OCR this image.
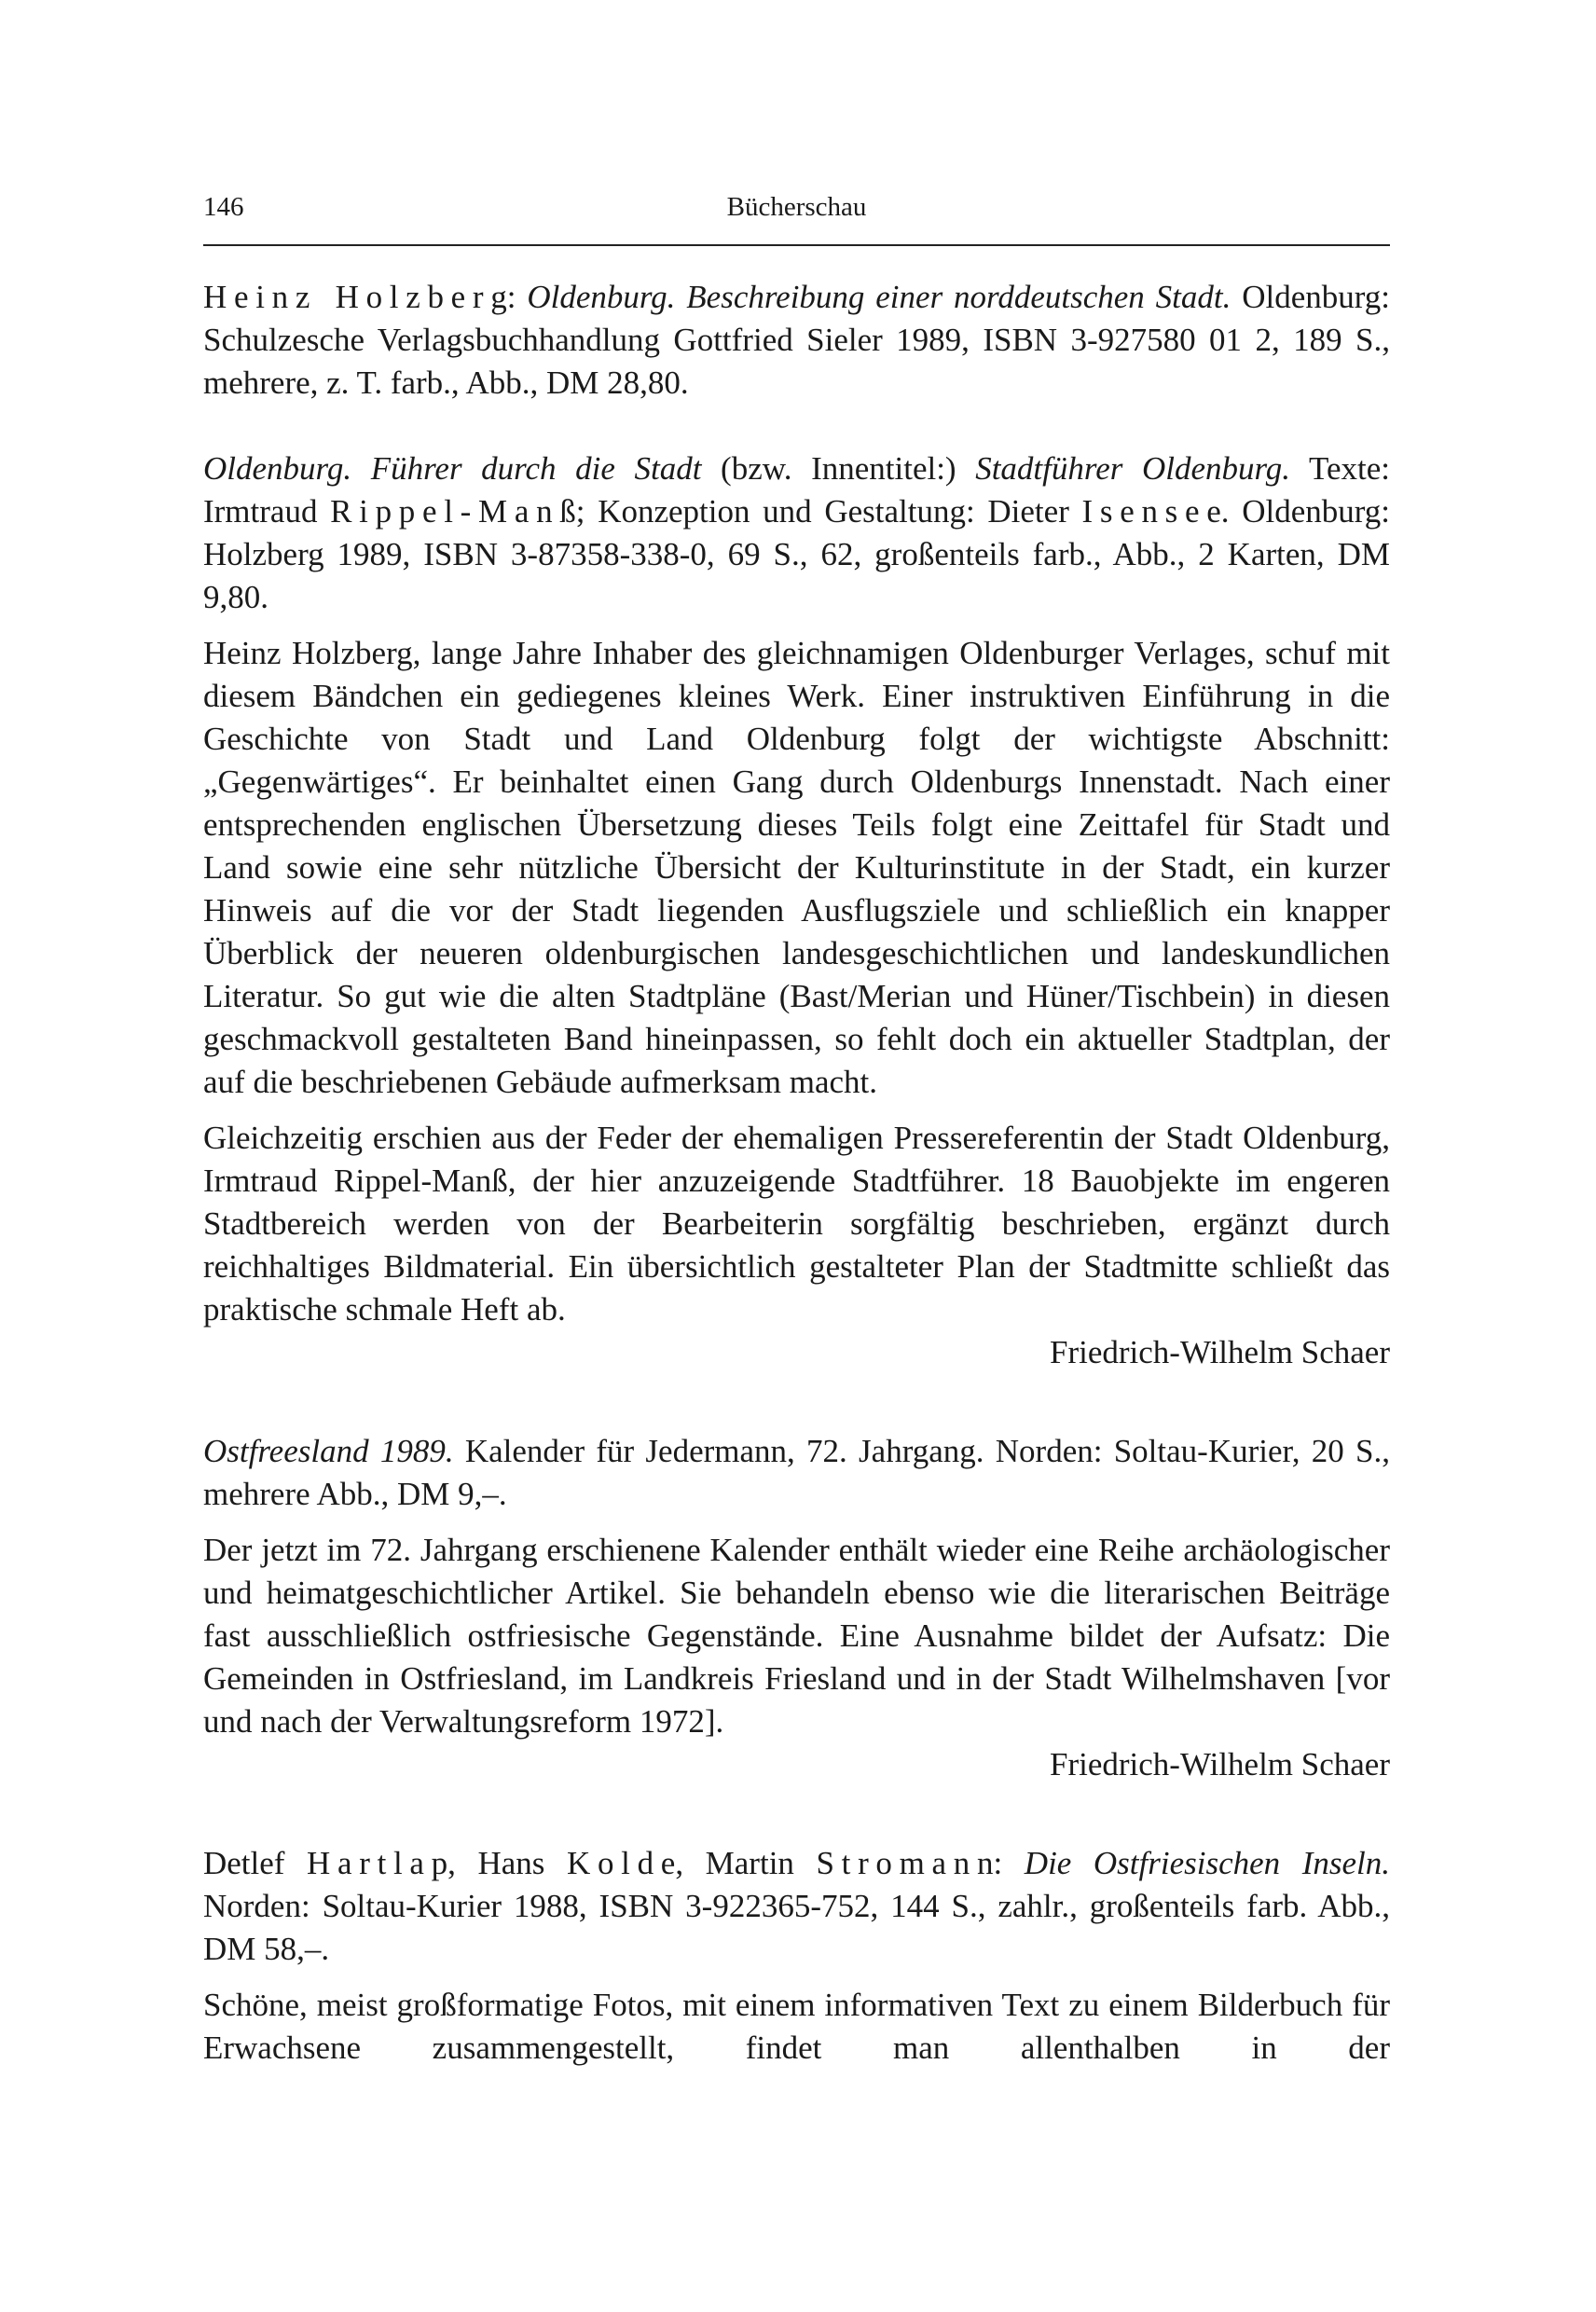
146	Bücherschau

Heinz Holzberg: Oldenburg. Beschreibung einer norddeutschen Stadt. Oldenburg: Schulzesche Verlagsbuchhandlung Gottfried Sieler 1989, ISBN 3-927580 01 2, 189 S., mehrere, z. T. farb., Abb., DM 28,80.

Oldenburg. Führer durch die Stadt (bzw. Innentitel:) Stadtführer Oldenburg. Texte: Irmtraud Rippel-Manß; Konzeption und Gestaltung: Dieter Isensee. Oldenburg: Holzberg 1989, ISBN 3-87358-338-0, 69 S., 62, großenteils farb., Abb., 2 Karten, DM 9,80.

Heinz Holzberg, lange Jahre Inhaber des gleichnamigen Oldenburger Verlages, schuf mit diesem Bändchen ein gediegenes kleines Werk. Einer instruktiven Einführung in die Geschichte von Stadt und Land Oldenburg folgt der wichtigste Abschnitt: „Gegenwärtiges“. Er beinhaltet einen Gang durch Oldenburgs Innenstadt. Nach einer entsprechenden englischen Übersetzung dieses Teils folgt eine Zeittafel für Stadt und Land sowie eine sehr nützliche Übersicht der Kulturinstitute in der Stadt, ein kurzer Hinweis auf die vor der Stadt liegenden Ausflugsziele und schließlich ein knapper Überblick der neueren oldenburgischen landesgeschichtlichen und landeskundlichen Literatur. So gut wie die alten Stadtpläne (Bast/Merian und Hüner/Tischbein) in diesen geschmackvoll gestalteten Band hineinpassen, so fehlt doch ein aktueller Stadtplan, der auf die beschriebenen Gebäude aufmerksam macht.

Gleichzeitig erschien aus der Feder der ehemaligen Pressereferentin der Stadt Oldenburg, Irmtraud Rippel-Manß, der hier anzuzeigende Stadtführer. 18 Bauobjekte im engeren Stadtbereich werden von der Bearbeiterin sorgfältig beschrieben, ergänzt durch reichhaltiges Bildmaterial. Ein übersichtlich gestalteter Plan der Stadtmitte schließt das praktische schmale Heft ab.

Friedrich-Wilhelm Schaer

Ostfreesland 1989. Kalender für Jedermann, 72. Jahrgang. Norden: Soltau-Kurier, 20 S., mehrere Abb., DM 9,–.

Der jetzt im 72. Jahrgang erschienene Kalender enthält wieder eine Reihe archäologischer und heimatgeschichtlicher Artikel. Sie behandeln ebenso wie die literarischen Beiträge fast ausschließlich ostfriesische Gegenstände. Eine Ausnahme bildet der Aufsatz: Die Gemeinden in Ostfriesland, im Landkreis Friesland und in der Stadt Wilhelmshaven [vor und nach der Verwaltungsreform 1972].

Friedrich-Wilhelm Schaer

Detlef Hartlap, Hans Kolde, Martin Stromann: Die Ostfriesischen Inseln. Norden: Soltau-Kurier 1988, ISBN 3-922365-752, 144 S., zahlr., großenteils farb. Abb., DM 58,–.

Schöne, meist großformatige Fotos, mit einem informativen Text zu einem Bilderbuch für Erwachsene zusammengestellt, findet man allenthalben in der
